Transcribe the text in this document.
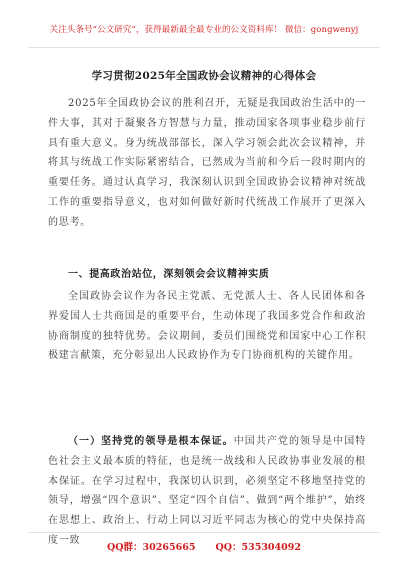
关注头条号“公文研究”，获得最新最全最专业的公文资料库！ 微信：gongwenyj
学习贯彻2025年全国政协会议精神的心得体会

2025年全国政协会议的胜利召开，无疑是我国政治生活中的一件大事，其对于凝聚各方智慧与力量，推动国家各项事业稳步前行具有重大意义。身为统战部部长，深入学习领会此次会议精神，并将其与统战工作实际紧密结合，已然成为当前和今后一段时期内的重要任务。通过认真学习，我深刻认识到全国政协会议精神对统战工作的重要指导意义，也对如何做好新时代统战工作展开了更深入的思考。

一、提高政治站位，深刻领会会议精神实质

全国政协会议作为各民主党派、无党派人士、各人民团体和各界爱国人士共商国是的重要平台，生动体现了我国多党合作和政治协商制度的独特优势。会议期间，委员们围绕党和国家中心工作积极建言献策，充分彰显出人民政协作为专门协商机构的关键作用。

（一）坚持党的领导是根本保证。中国共产党的领导是中国特色社会主义最本质的特征，也是统一战线和人民政协事业发展的根本保证。在学习过程中，我深切认识到，必须坚定不移地坚持党的领导，增强“四个意识”、坚定“四个自信”、做到“两个维护”，始终在思想上、政治上、行动上同以习近平同志为核心的党中央保持高度一致

QQ群：30265665 QQ：535304092
